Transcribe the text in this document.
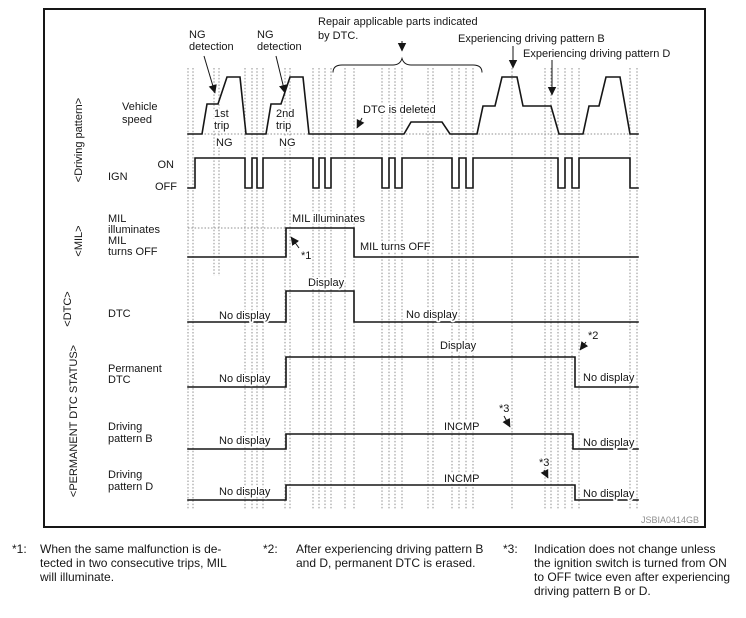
NG
detection
NG
detection
Repair applicable parts indicated
by DTC.	Experiencing driving pattern B
Experiencing driving pattern D
<Driving pattern>
<MIL>
<DTC>
<PERMANENT DTC STATUS>
Vehicle
speed
IGN
ON
OFF
MIL
illuminates
MIL
turns OFF
DTC
Permanent
DTC
Driving
pattern B
Driving
pattern D
1st
trip
NG
2nd
trip
NG
DTC is deleted
MIL illuminates
*1
MIL turns OFF
Display
No display	No display
Display
*2
No display	No display
INCMP
*3
No display	No display
INCMP
*3
No display	No display
JSBIA0414GB
*1: When the same malfunction is de-
tected in two consecutive trips, MIL
will illuminate.
*2: After experiencing driving pattern B
and D, permanent DTC is erased.
*3: Indication does not change unless
the ignition switch is turned from ON
to OFF twice even after experiencing
driving pattern B or D.
